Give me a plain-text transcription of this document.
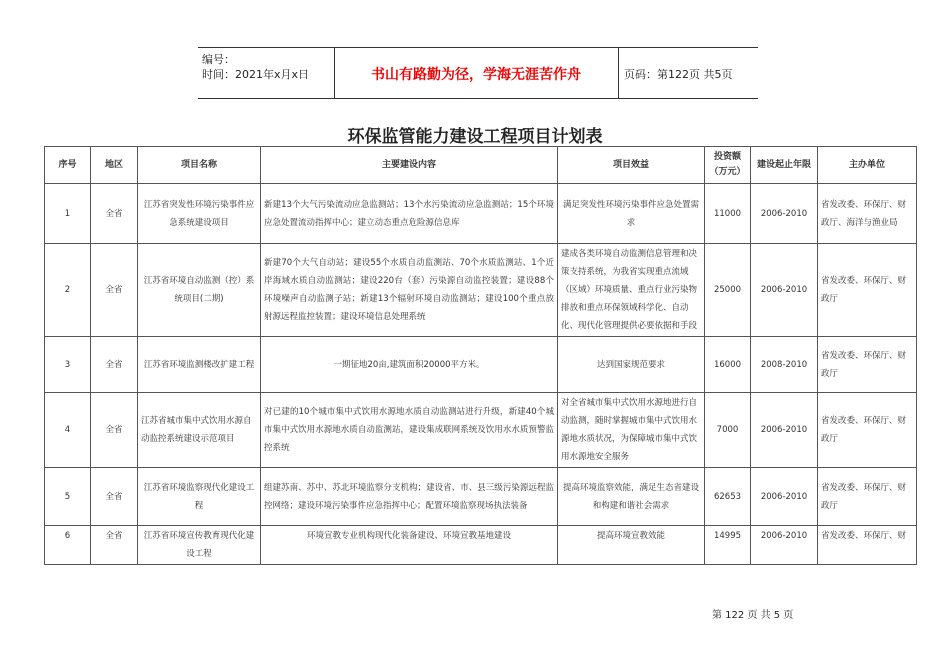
编号：
时间：2021年x月x日	书山有路勤为径，学海无涯苦作舟	页码：第122页 共5页
环保监管能力建设工程项目计划表
序号	地区	项目名称	主要建设内容	项目效益	投资额（万元）	建设起止年限	主办单位
1	全省	江苏省突发性环境污染事件应急系统建设项目	新建13个大气污染流动应急监测站；13个水污染流动应急监测站；15个环境应急处置流动指挥中心；建立动态重点危险源信息库	满足突发性环境污染事件应急处置需求	11000	2006-2010	省发改委、环保厅、财政厅、海洋与渔业局
2	全省	江苏省环境自动监测（控）系统项目(二期)	新建70个大气自动站；建设55个水质自动监测站、70个水质监测站、1个近岸海域水质自动监测站；建设220台（套）污染源自动监控装置；建设88个环境噪声自动监测子站；新建13个辐射环境自动监测站；建设100个重点放射源远程监控装置；建设环境信息处理系统	建成各类环境自动监测信息管理和决策支持系统，为我省实现重点流域（区域）环境质量、重点行业污染物排放和重点环保领域科学化、自动化、现代化管理提供必要依据和手段	25000	2006-2010	省发改委、环保厅、财政厅
3	全省	江苏省环境监测楼改扩建工程	一期征地20亩,建筑面积20000平方米。	达到国家规范要求	16000	2008-2010	省发改委、环保厅、财政厅
4	全省	江苏省城市集中式饮用水源自动监控系统建设示范项目	对已建的10个城市集中式饮用水源地水质自动监测站进行升级，新建40个城市集中式饮用水源地水质自动监测站，建设集成联网系统及饮用水水质预警监控系统	对全省城市集中式饮用水源地进行自动监测，随时掌握城市集中式饮用水源地水质状况，为保障城市集中式饮用水源地安全服务	7000	2006-2010	省发改委、环保厅、财政厅
5	全省	江苏省环境监察现代化建设工程	组建苏南、苏中、苏北环境监察分支机构；建设省、市、县三级污染源远程监控网络；建设环境污染事件应急指挥中心；配置环境监察现场执法装备	提高环境监察效能，满足生态省建设和构建和谐社会需求	62653	2006-2010	省发改委、环保厅、财政厅
6	全省	江苏省环境宣传教育现代化建设工程	环境宣教专业机构现代化装备建设、环境宣教基地建设	提高环境宣教效能	14995	2006-2010	省发改委、环保厅、财
第 122 页 共 5 页
